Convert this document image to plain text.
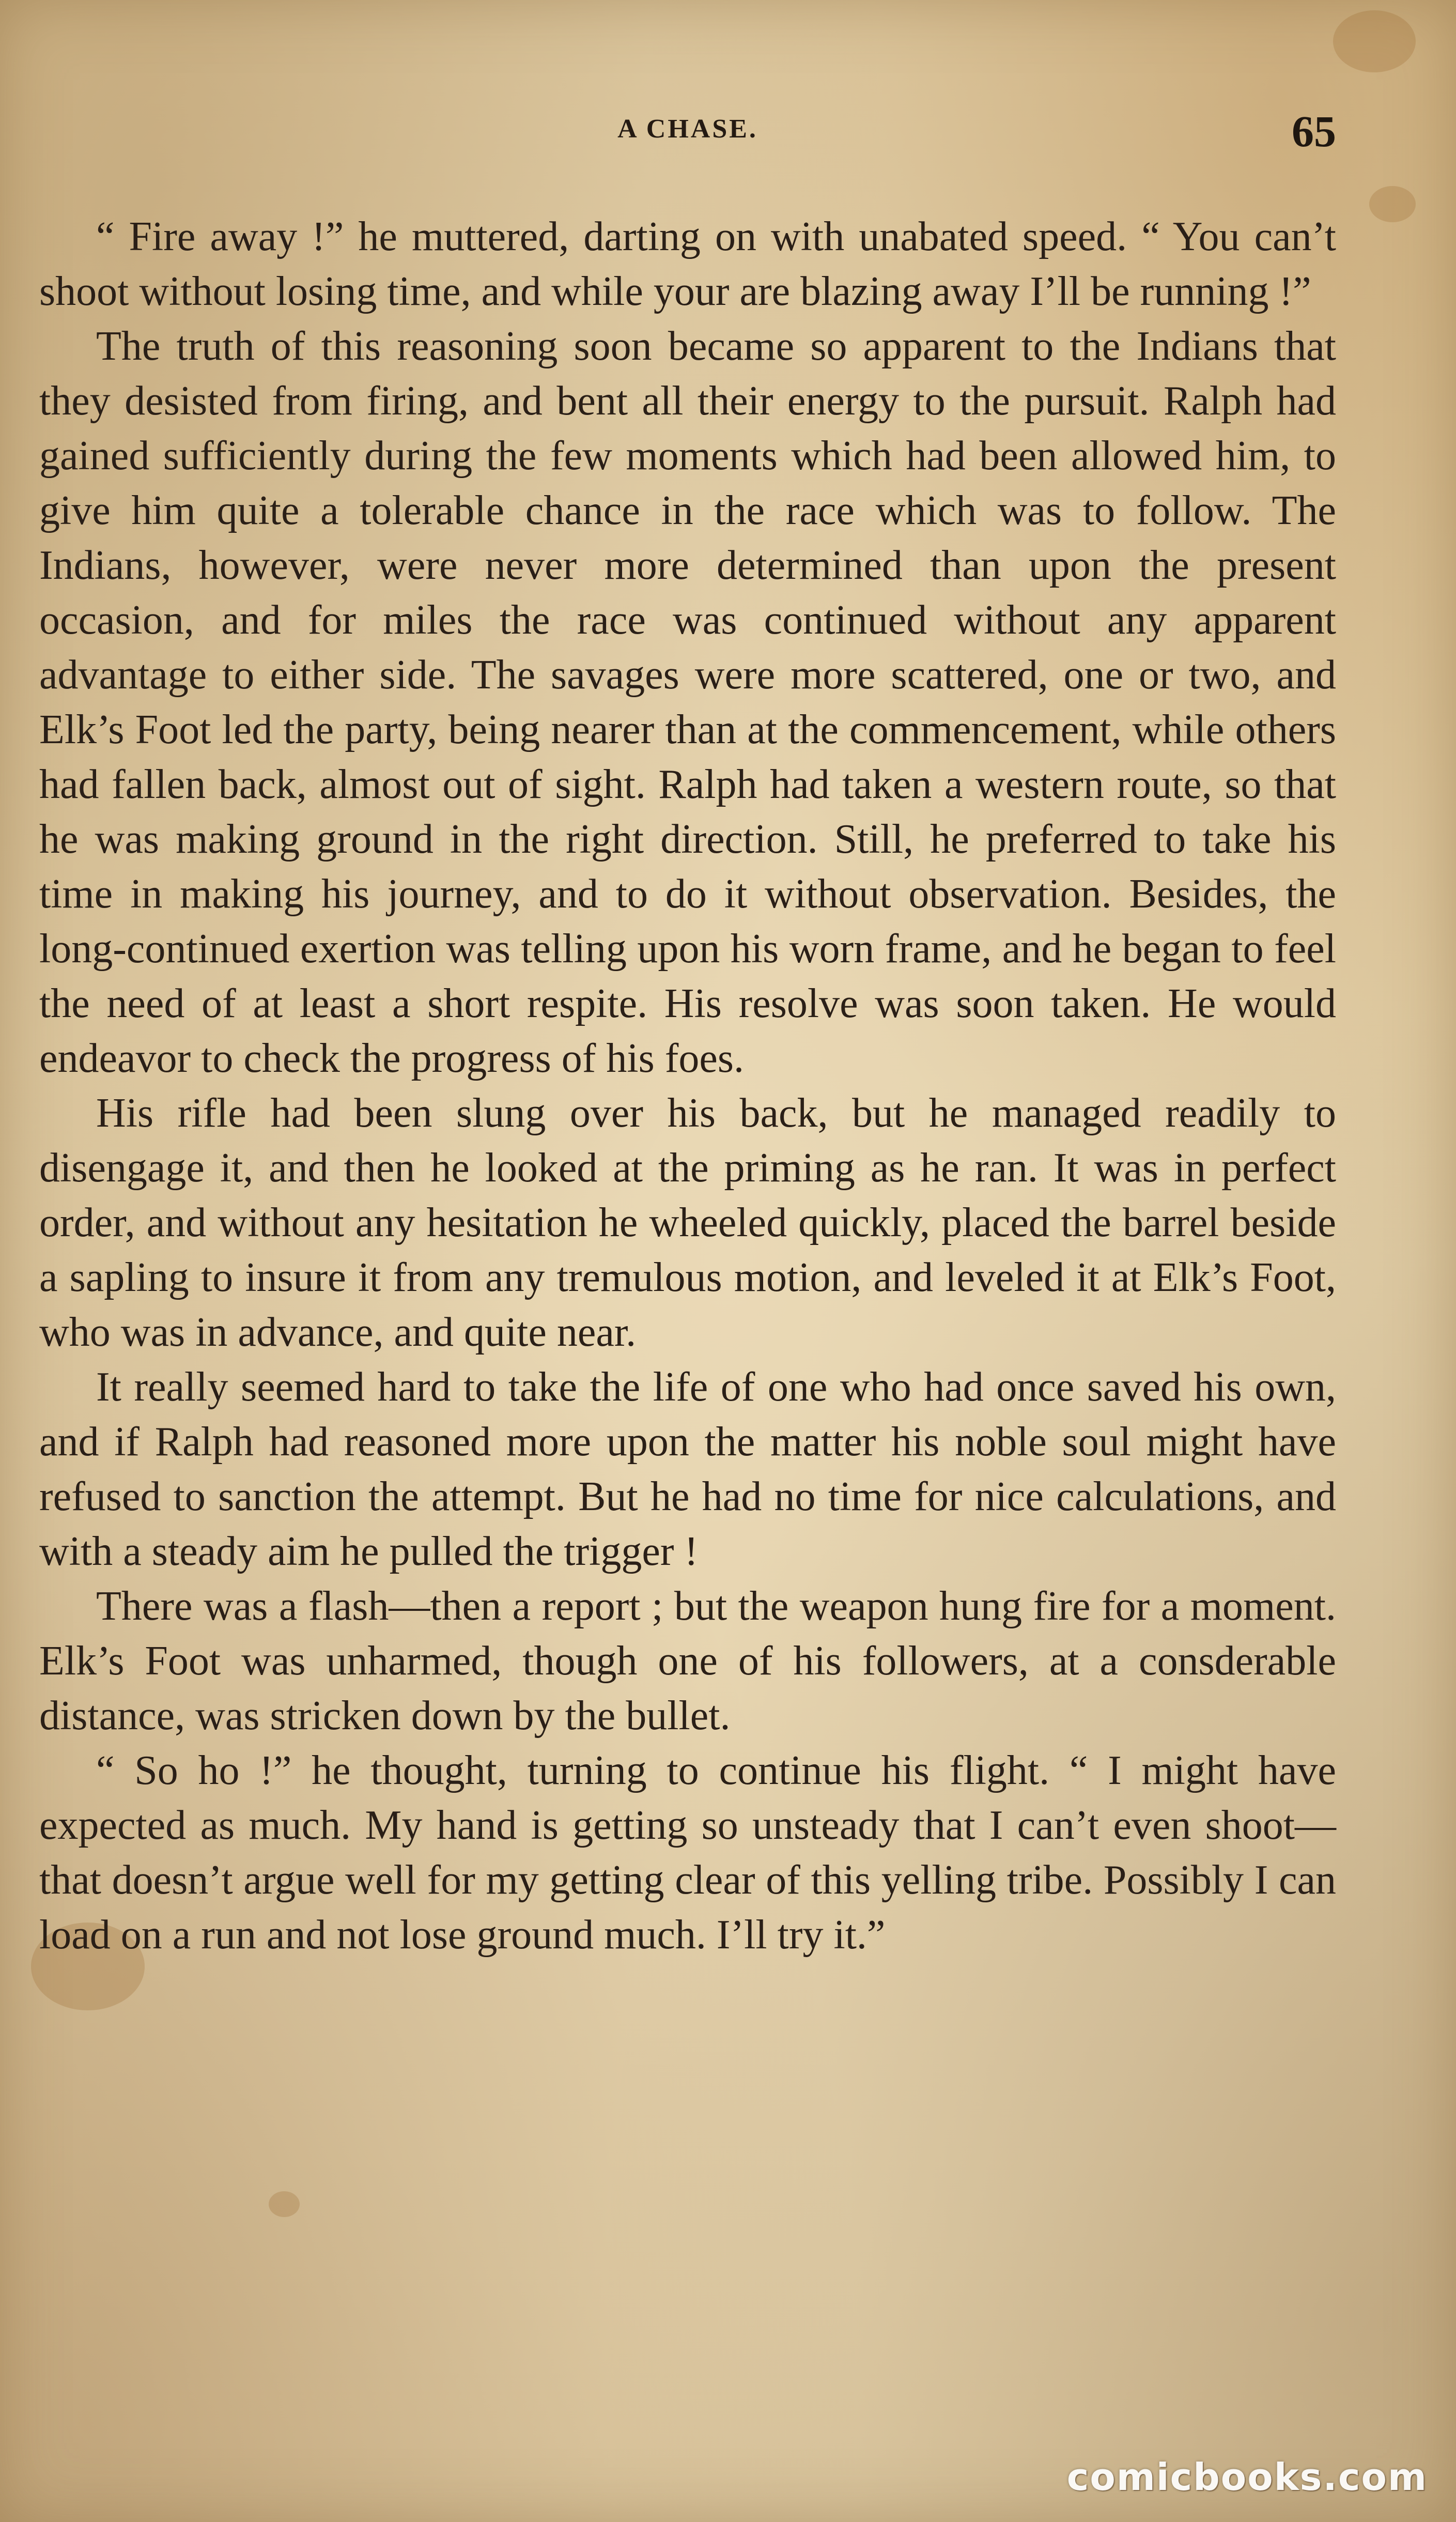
A CHASE.	65

“ Fire away !” he muttered, darting on with unabated speed. “ You can’t shoot without losing time, and while your are blazing away I’ll be running !”

The truth of this reasoning soon became so apparent to the Indians that they desisted from firing, and bent all their energy to the pursuit. Ralph had gained sufficiently during the few moments which had been allowed him, to give him quite a tolerable chance in the race which was to follow. The Indians, however, were never more determined than upon the present occasion, and for miles the race was continued without any apparent advantage to either side. The savages were more scattered, one or two, and Elk’s Foot led the party, being nearer than at the commencement, while others had fallen back, almost out of sight. Ralph had taken a western route, so that he was making ground in the right direction. Still, he preferred to take his time in making his journey, and to do it without observation. Besides, the long-continued exertion was telling upon his worn frame, and he began to feel the need of at least a short respite. His resolve was soon taken. He would endeavor to check the progress of his foes.

His rifle had been slung over his back, but he managed readily to disengage it, and then he looked at the priming as he ran. It was in perfect order, and without any hesitation he wheeled quickly, placed the barrel beside a sapling to insure it from any tremulous motion, and leveled it at Elk’s Foot, who was in advance, and quite near.

It really seemed hard to take the life of one who had once saved his own, and if Ralph had reasoned more upon the matter his noble soul might have refused to sanction the attempt. But he had no time for nice calculations, and with a steady aim he pulled the trigger !

There was a flash—then a report ; but the weapon hung fire for a moment. Elk’s Foot was unharmed, though one of his followers, at a consderable distance, was stricken down by the bullet.

“ So ho !” he thought, turning to continue his flight. “ I might have expected as much. My hand is getting so unsteady that I can’t even shoot—that doesn’t argue well for my getting clear of this yelling tribe. Possibly I can load on a run and not lose ground much. I’ll try it.”

comicbooks.com
